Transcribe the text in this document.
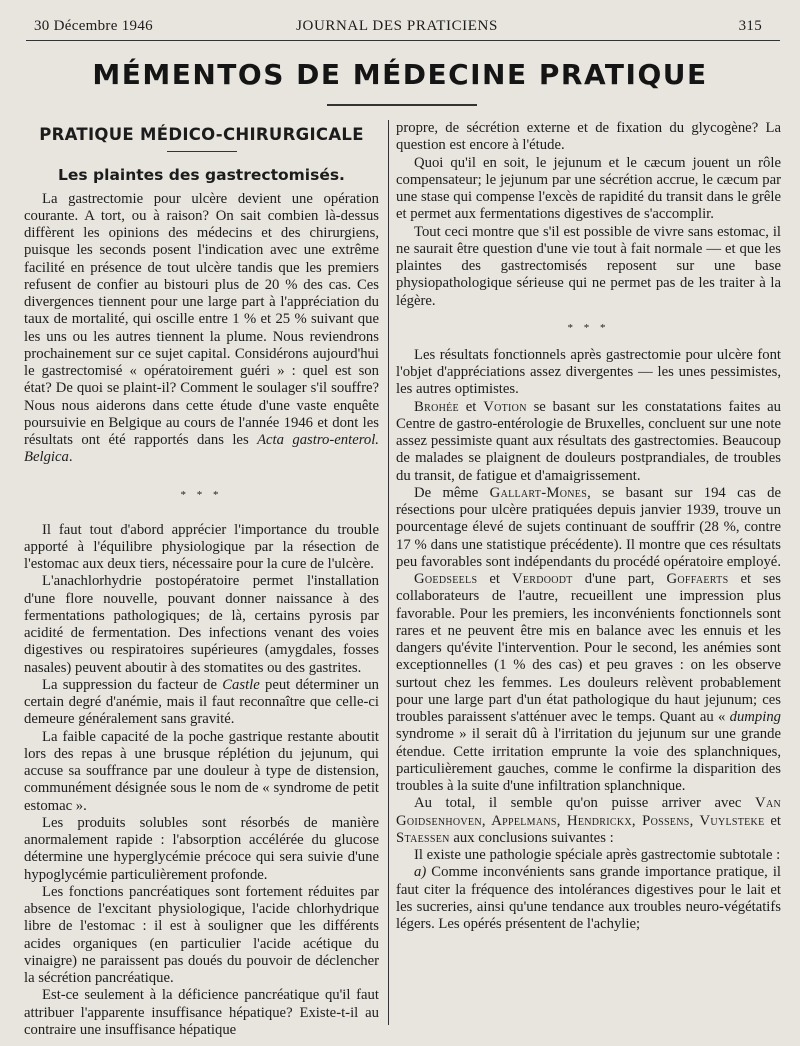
30 Décembre 1946	JOURNAL DES PRATICIENS	315
MÉMENTOS DE MÉDECINE PRATIQUE
PRATIQUE MÉDICO-CHIRURGICALE
Les plaintes des gastrectomisés.

La gastrectomie pour ulcère devient une opération courante. A tort, ou à raison? On sait combien là-dessus diffèrent les opinions des médecins et des chirurgiens, puisque les seconds posent l'indication avec une extrême facilité en présence de tout ulcère tandis que les premiers refusent de confier au bistouri plus de 20 % des cas. Ces divergences tiennent pour une large part à l'appréciation du taux de mortalité, qui oscille entre 1 % et 25 % suivant que les uns ou les autres tiennent la plume. Nous reviendrons prochainement sur ce sujet capital. Considérons aujourd'hui le gastrectomisé « opératoirement guéri » : quel est son état? De quoi se plaint-il? Comment le soulager s'il souffre? Nous nous aiderons dans cette étude d'une vaste enquête poursuivie en Belgique au cours de l'année 1946 et dont les résultats ont été rapportés dans les Acta gastro-enterol. Belgica.

* * *

Il faut tout d'abord apprécier l'importance du trouble apporté à l'équilibre physiologique par la résection de l'estomac aux deux tiers, nécessaire pour la cure de l'ulcère.

L'anachlorhydrie postopératoire permet l'installation d'une flore nouvelle, pouvant donner naissance à des fermentations pathologiques; de là, certains pyrosis par acidité de fermentation. Des infections venant des voies digestives ou respiratoires supérieures (amygdales, fosses nasales) peuvent aboutir à des stomatites ou des gastrites.

La suppression du facteur de Castle peut déterminer un certain degré d'anémie, mais il faut reconnaître que celle-ci demeure généralement sans gravité.

La faible capacité de la poche gastrique restante aboutit lors des repas à une brusque réplétion du jejunum, qui accuse sa souffrance par une douleur à type de distension, communément désignée sous le nom de « syndrome de petit estomac ».

Les produits solubles sont résorbés de manière anormalement rapide : l'absorption accélérée du glucose détermine une hyperglycémie précoce qui sera suivie d'une hypoglycémie particulièrement profonde.

Les fonctions pancréatiques sont fortement réduites par absence de l'excitant physiologique, l'acide chlorhydrique libre de l'estomac : il est à souligner que les différents acides organiques (en particulier l'acide acétique du vinaigre) ne paraissent pas doués du pouvoir de déclencher la sécrétion pancréatique.

Est-ce seulement à la déficience pancréatique qu'il faut attribuer l'apparente insuffisance hépatique? Existe-t-il au contraire une insuffisance hépatique

propre, de sécrétion externe et de fixation du glycogène? La question est encore à l'étude.

Quoi qu'il en soit, le jejunum et le cæcum jouent un rôle compensateur; le jejunum par une sécrétion accrue, le cæcum par une stase qui compense l'excès de rapidité du transit dans le grêle et permet aux fermentations digestives de s'accomplir.

Tout ceci montre que s'il est possible de vivre sans estomac, il ne saurait être question d'une vie tout à fait normale — et que les plaintes des gastrectomisés reposent sur une base physiopathologique sérieuse qui ne permet pas de les traiter à la légère.

* * *

Les résultats fonctionnels après gastrectomie pour ulcère font l'objet d'appréciations assez divergentes — les unes pessimistes, les autres optimistes.

Brohée et Votion se basant sur les constatations faites au Centre de gastro-entérologie de Bruxelles, concluent sur une note assez pessimiste quant aux résultats des gastrectomies. Beaucoup de malades se plaignent de douleurs postprandiales, de troubles du transit, de fatigue et d'amaigrissement.

De même Gallart-Mones, se basant sur 194 cas de résections pour ulcère pratiquées depuis janvier 1939, trouve un pourcentage élevé de sujets continuant de souffrir (28 %, contre 17 % dans une statistique précédente). Il montre que ces résultats peu favorables sont indépendants du procédé opératoire employé.

Goedseels et Verdoodt d'une part, Goffaerts et ses collaborateurs de l'autre, recueillent une impression plus favorable. Pour les premiers, les inconvénients fonctionnels sont rares et ne peuvent être mis en balance avec les ennuis et les dangers qu'évite l'intervention. Pour le second, les anémies sont exceptionnelles (1 % des cas) et peu graves : on les observe surtout chez les femmes. Les douleurs relèvent probablement pour une large part d'un état pathologique du haut jejunum; ces troubles paraissent s'atténuer avec le temps. Quant au « dumping syndrome » il serait dû à l'irritation du jejunum sur une grande étendue. Cette irritation emprunte la voie des splanchniques, particulièrement gauches, comme le confirme la disparition des troubles à la suite d'une infiltration splanchnique.

Au total, il semble qu'on puisse arriver avec Van Goidsenhoven, Appelmans, Hendrickx, Possens, Vuylsteke et Staessen aux conclusions suivantes :

Il existe une pathologie spéciale après gastrectomie subtotale :

a) Comme inconvénients sans grande importance pratique, il faut citer la fréquence des intolérances digestives pour le lait et les sucreries, ainsi qu'une tendance aux troubles neuro-végétatifs légers. Les opérés présentent de l'achylie;
